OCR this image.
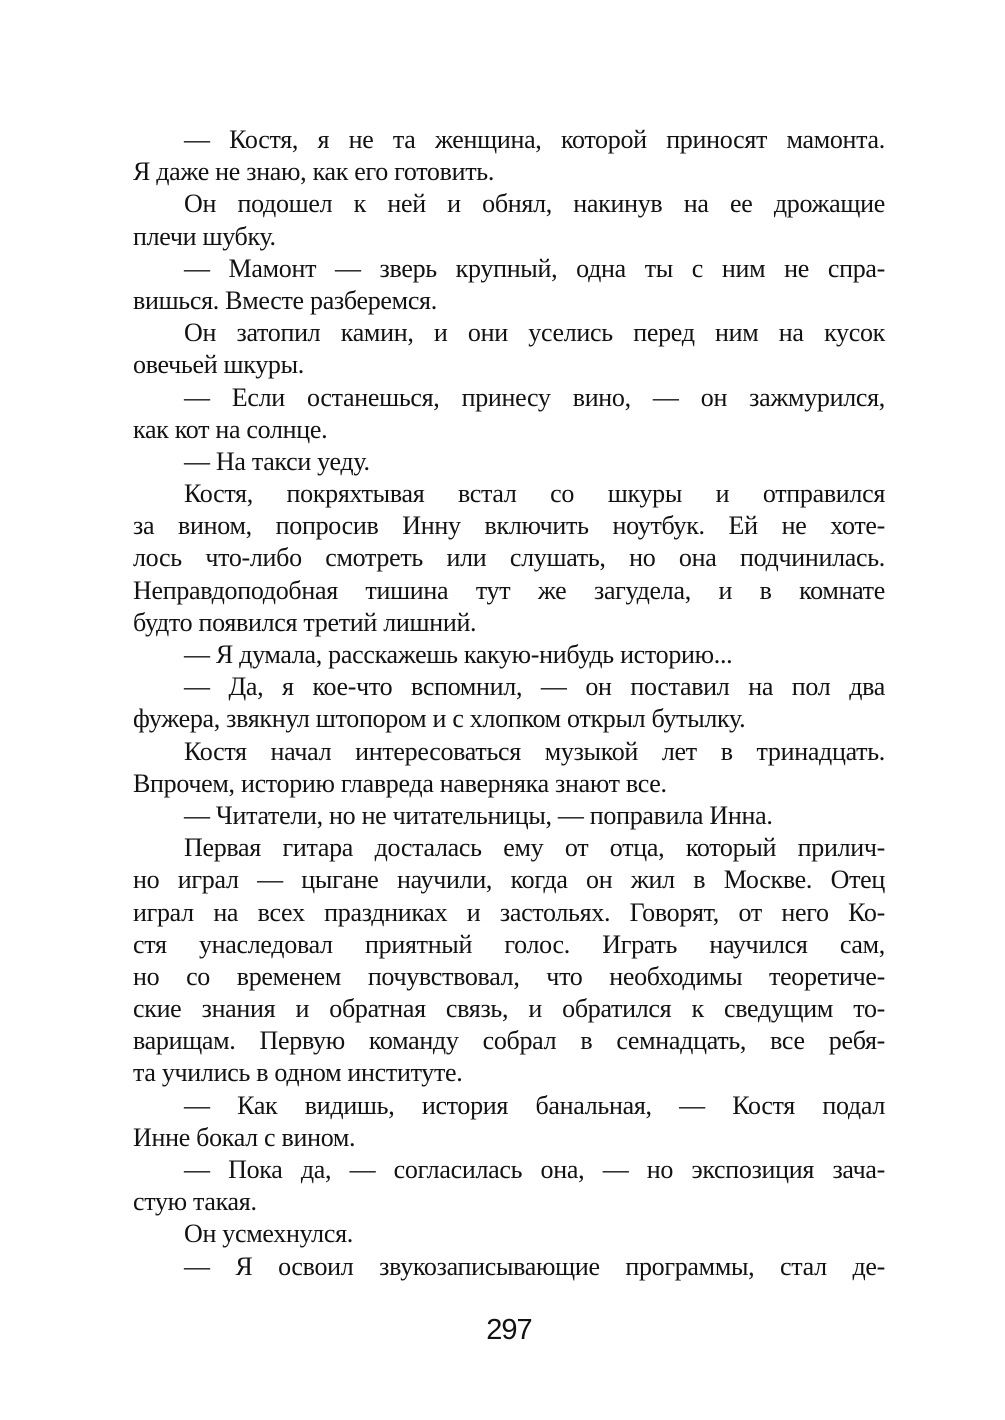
— Костя, я не та женщина, которой приносят мамонта.
Я даже не знаю, как его готовить.
Он подошел к ней и обнял, накинув на ее дрожащие
плечи шубку.
— Мамонт — зверь крупный, одна ты с ним не спра-
вишься. Вместе разберемся.
Он затопил камин, и они уселись перед ним на кусок
овечьей шкуры.
— Если останешься, принесу вино, — он зажмурился,
как кот на солнце.
— На такси уеду.
Костя, покряхтывая встал со шкуры и отправился
за вином, попросив Инну включить ноутбук. Ей не хоте-
лось что-либо смотреть или слушать, но она подчинилась.
Неправдоподобная тишина тут же загудела, и в комнате
будто появился третий лишний.
— Я думала, расскажешь какую-нибудь историю...
— Да, я кое-что вспомнил, — он поставил на пол два
фужера, звякнул штопором и с хлопком открыл бутылку.
Костя начал интересоваться музыкой лет в тринадцать.
Впрочем, историю главреда наверняка знают все.
— Читатели, но не читательницы, — поправила Инна.
Первая гитара досталась ему от отца, который прилич-
но играл — цыгане научили, когда он жил в Москве. Отец
играл на всех праздниках и застольях. Говорят, от него Ко-
стя унаследовал приятный голос. Играть научился сам,
но со временем почувствовал, что необходимы теоретиче-
ские знания и обратная связь, и обратился к сведущим то-
варищам. Первую команду собрал в семнадцать, все ребя-
та учились в одном институте.
— Как видишь, история банальная, — Костя подал
Инне бокал с вином.
— Пока да, — согласилась она, — но экспозиция зача-
стую такая.
Он усмехнулся.
— Я освоил звукозаписывающие программы, стал де-
297
